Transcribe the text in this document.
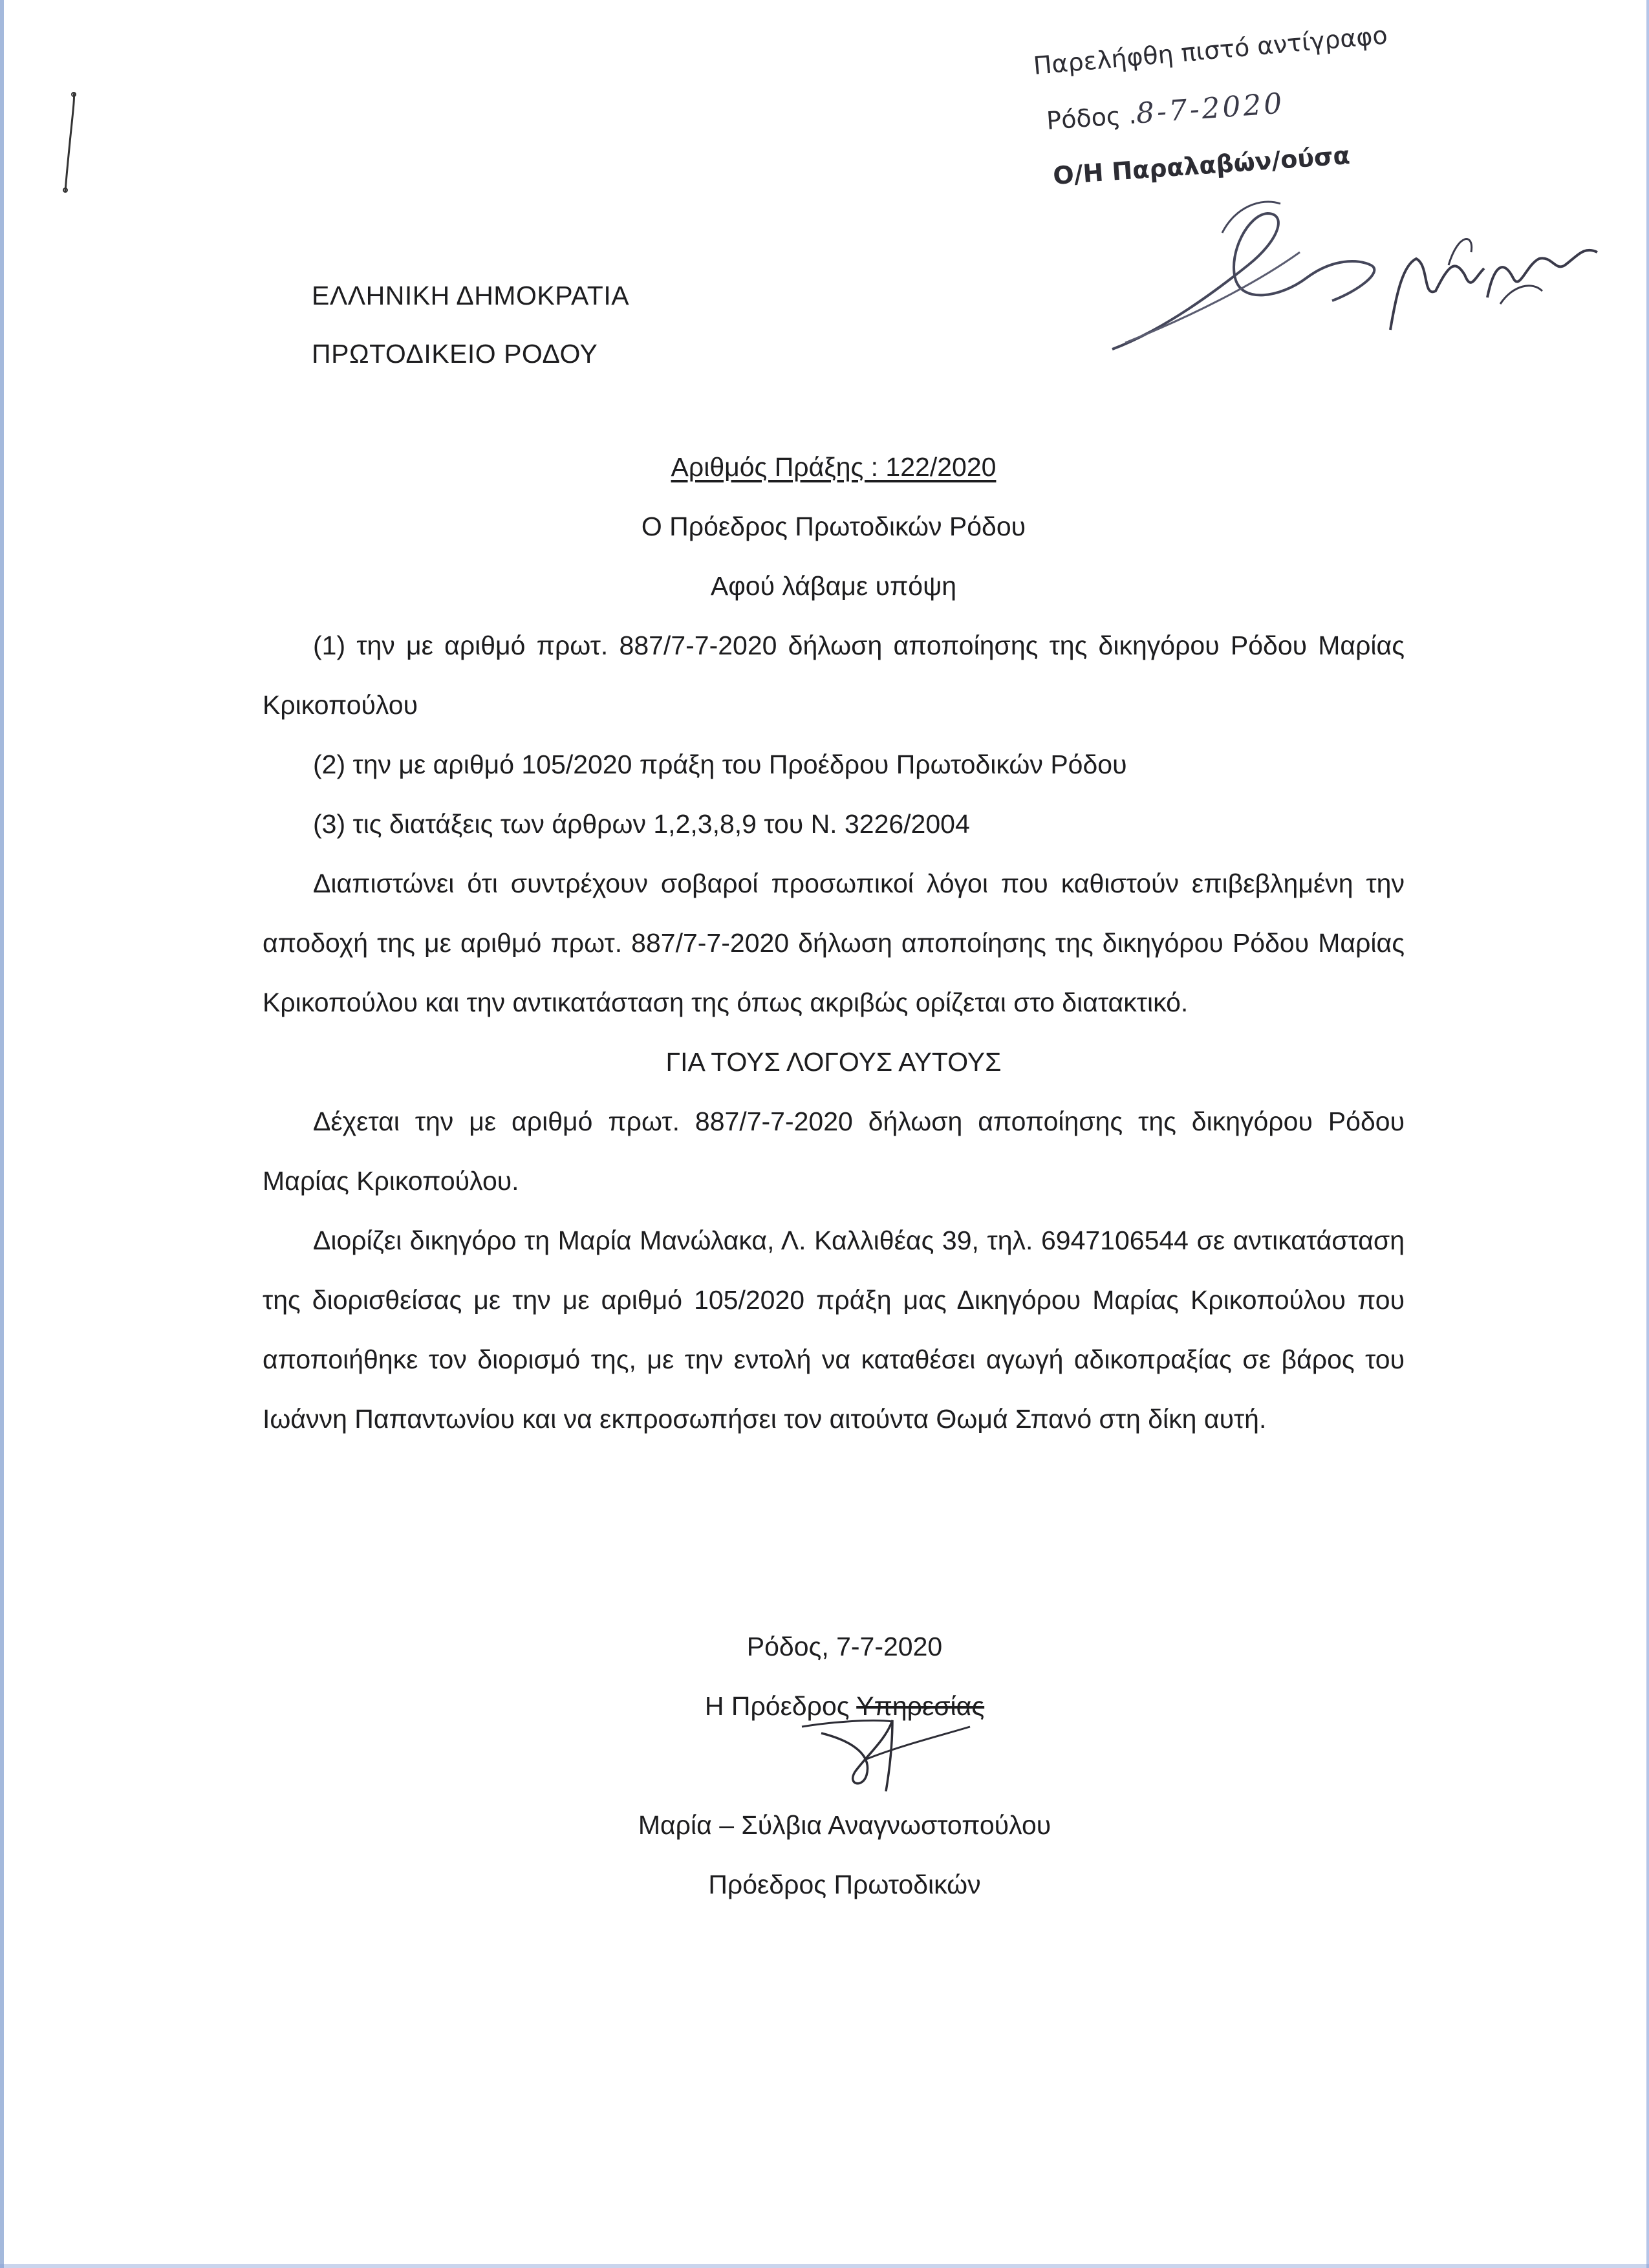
Παρελήφθη πιστό αντίγραφο
Ρόδος .8-7-2020
Ο/Η Παραλαβών/ούσα
ΕΛΛΗΝΙΚΗ ΔΗΜΟΚΡΑΤΙΑ
ΠΡΩΤΟΔΙΚΕΙΟ ΡΟΔΟΥ
Αριθμός Πράξης : 122/2020
Ο Πρόεδρος Πρωτοδικών Ρόδου
Αφού λάβαμε υπόψη
(1) την με αριθμό πρωτ. 887/7-7-2020 δήλωση αποποίησης της δικηγόρου Ρόδου Μαρίας Κρικοπούλου
(2) την με αριθμό 105/2020 πράξη του Προέδρου Πρωτοδικών Ρόδου
(3) τις διατάξεις των άρθρων 1,2,3,8,9 του Ν. 3226/2004
Διαπιστώνει ότι συντρέχουν σοβαροί προσωπικοί λόγοι που καθιστούν επιβεβλημένη την αποδοχή της με αριθμό πρωτ. 887/7-7-2020 δήλωση αποποίησης της δικηγόρου Ρόδου Μαρίας Κρικοπούλου και την αντικατάσταση της όπως ακριβώς ορίζεται στο διατακτικό.
ΓΙΑ ΤΟΥΣ ΛΟΓΟΥΣ ΑΥΤΟΥΣ
Δέχεται την με αριθμό πρωτ. 887/7-7-2020 δήλωση αποποίησης της δικηγόρου Ρόδου Μαρίας Κρικοπούλου.
Διορίζει δικηγόρο τη Μαρία Μανώλακα, Λ. Καλλιθέας 39, τηλ. 6947106544 σε αντικατάσταση της διορισθείσας με την με αριθμό 105/2020 πράξη μας Δικηγόρου Μαρίας Κρικοπούλου που αποποιήθηκε τον διορισμό της, με την εντολή να καταθέσει αγωγή αδικοπραξίας σε βάρος του Ιωάννη Παπαντωνίου και να εκπροσωπήσει τον αιτούντα Θωμά Σπανό στη δίκη αυτή.
Ρόδος, 7-7-2020
Η Πρόεδρος Υπηρεσίας
Μαρία – Σύλβια Αναγνωστοπούλου
Πρόεδρος Πρωτοδικών
